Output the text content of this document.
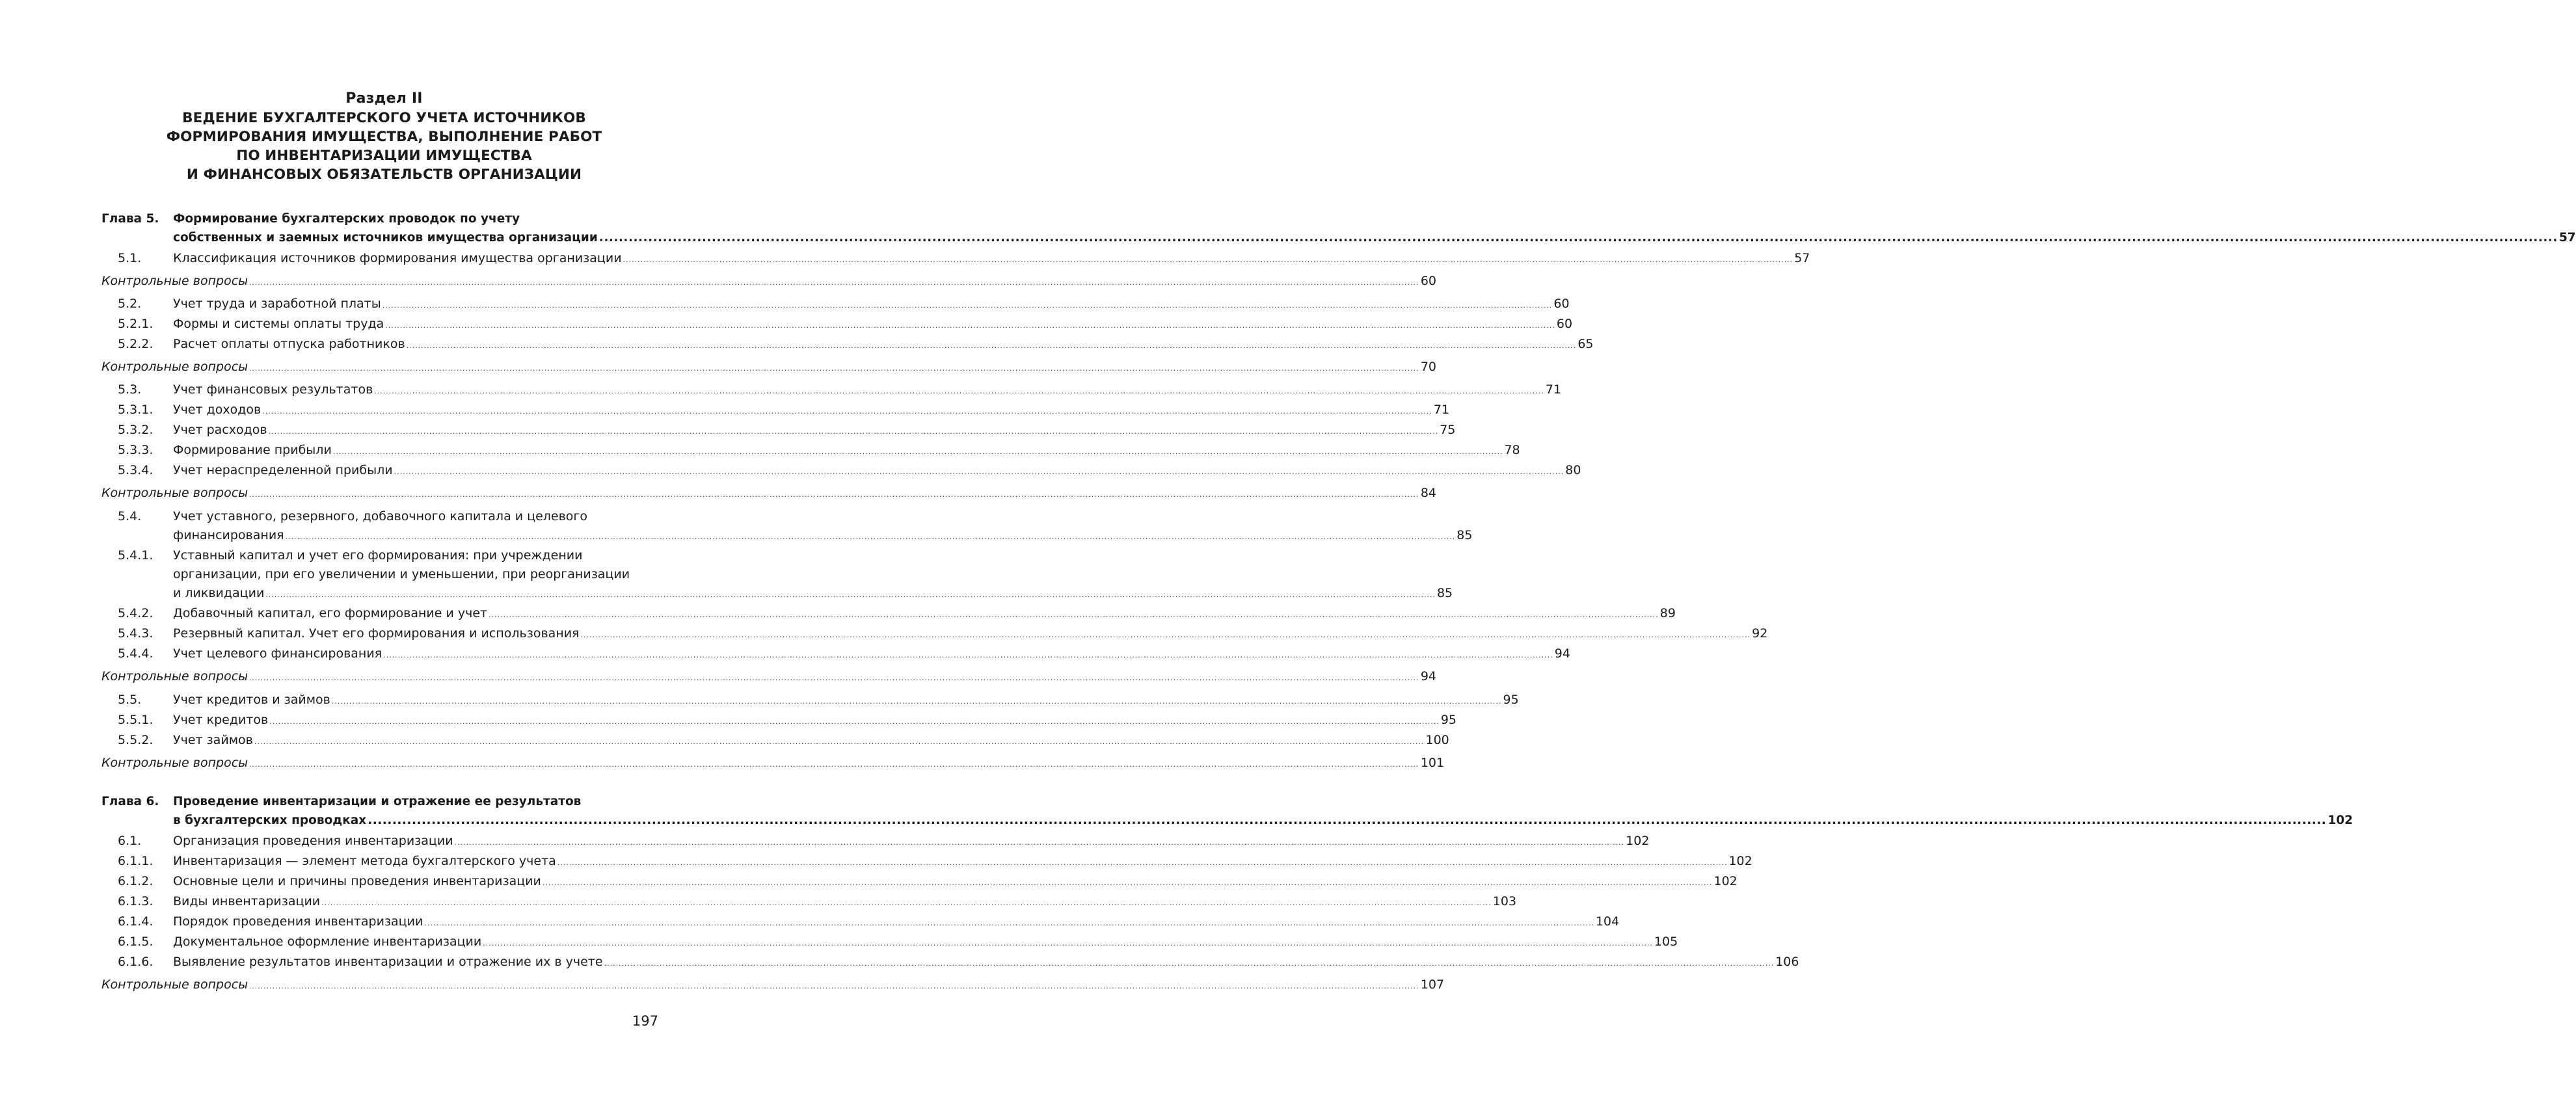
Раздел II
ВЕДЕНИЕ БУХГАЛТЕРСКОГО УЧЕТА ИСТОЧНИКОВ
ФОРМИРОВАНИЯ ИМУЩЕСТВА, ВЫПОЛНЕНИЕ РАБОТ
ПО ИНВЕНТАРИЗАЦИИ ИМУЩЕСТВА
И ФИНАНСОВЫХ ОБЯЗАТЕЛЬСТВ ОРГАНИЗАЦИИ
Глава 5. Формирование бухгалтерских проводок по учету
собственных и заемных источников имущества организации ................................................................................................................................................................................................................................................................................................................................................................................................................ 57
5.1.	Классификация источников формирования имущества организации ................................................................................................................................................................................................................................................................................................................................................................................................................ 57
Контрольные вопросы ................................................................................................................................................................................................................................................................................................................................................................................................................ 60
5.2.	Учет труда и заработной платы ................................................................................................................................................................................................................................................................................................................................................................................................................ 60
5.2.1. Формы и системы оплаты труда ................................................................................................................................................................................................................................................................................................................................................................................................................ 60
5.2.2. Расчет оплаты отпуска работников ................................................................................................................................................................................................................................................................................................................................................................................................................ 65
Контрольные вопросы ................................................................................................................................................................................................................................................................................................................................................................................................................ 70
5.3.	Учет финансовых результатов ................................................................................................................................................................................................................................................................................................................................................................................................................ 71
5.3.1. Учет доходов ................................................................................................................................................................................................................................................................................................................................................................................................................ 71
5.3.2. Учет расходов ................................................................................................................................................................................................................................................................................................................................................................................................................ 75
5.3.3. Формирование прибыли ................................................................................................................................................................................................................................................................................................................................................................................................................ 78
5.3.4. Учет нераспределенной прибыли ................................................................................................................................................................................................................................................................................................................................................................................................................ 80
Контрольные вопросы ................................................................................................................................................................................................................................................................................................................................................................................................................ 84
5.4.	Учет уставного, резервного, добавочного капитала и целевого
финансирования ................................................................................................................................................................................................................................................................................................................................................................................................................ 85
5.4.1. Уставный капитал и учет его формирования: при учреждении
организации, при его увеличении и уменьшении, при реорганизации
и ликвидации ................................................................................................................................................................................................................................................................................................................................................................................................................ 85
5.4.2. Добавочный капитал, его формирование и учет ................................................................................................................................................................................................................................................................................................................................................................................................................ 89
5.4.3. Резервный капитал. Учет его формирования и использования ................................................................................................................................................................................................................................................................................................................................................................................................................ 92
5.4.4. Учет целевого финансирования ................................................................................................................................................................................................................................................................................................................................................................................................................ 94
Контрольные вопросы ................................................................................................................................................................................................................................................................................................................................................................................................................ 94
5.5.	Учет кредитов и займов ................................................................................................................................................................................................................................................................................................................................................................................................................ 95
5.5.1. Учет кредитов ................................................................................................................................................................................................................................................................................................................................................................................................................ 95
5.5.2. Учет займов ................................................................................................................................................................................................................................................................................................................................................................................................................ 100
Контрольные вопросы ................................................................................................................................................................................................................................................................................................................................................................................................................ 101
Глава 6. Проведение инвентаризации и отражение ее результатов
в бухгалтерских проводках ................................................................................................................................................................................................................................................................................................................................................................................................................ 102
6.1.	Организация проведения инвентаризации ................................................................................................................................................................................................................................................................................................................................................................................................................ 102
6.1.1. Инвентаризация — элемент метода бухгалтерского учета ................................................................................................................................................................................................................................................................................................................................................................................................................ 102
6.1.2. Основные цели и причины проведения инвентаризации ................................................................................................................................................................................................................................................................................................................................................................................................................ 102
6.1.3. Виды инвентаризации ................................................................................................................................................................................................................................................................................................................................................................................................................ 103
6.1.4. Порядок проведения инвентаризации ................................................................................................................................................................................................................................................................................................................................................................................................................ 104
6.1.5. Документальное оформление инвентаризации ................................................................................................................................................................................................................................................................................................................................................................................................................ 105
6.1.6. Выявление результатов инвентаризации и отражение их в учете ................................................................................................................................................................................................................................................................................................................................................................................................................ 106
Контрольные вопросы ................................................................................................................................................................................................................................................................................................................................................................................................................ 107
197
